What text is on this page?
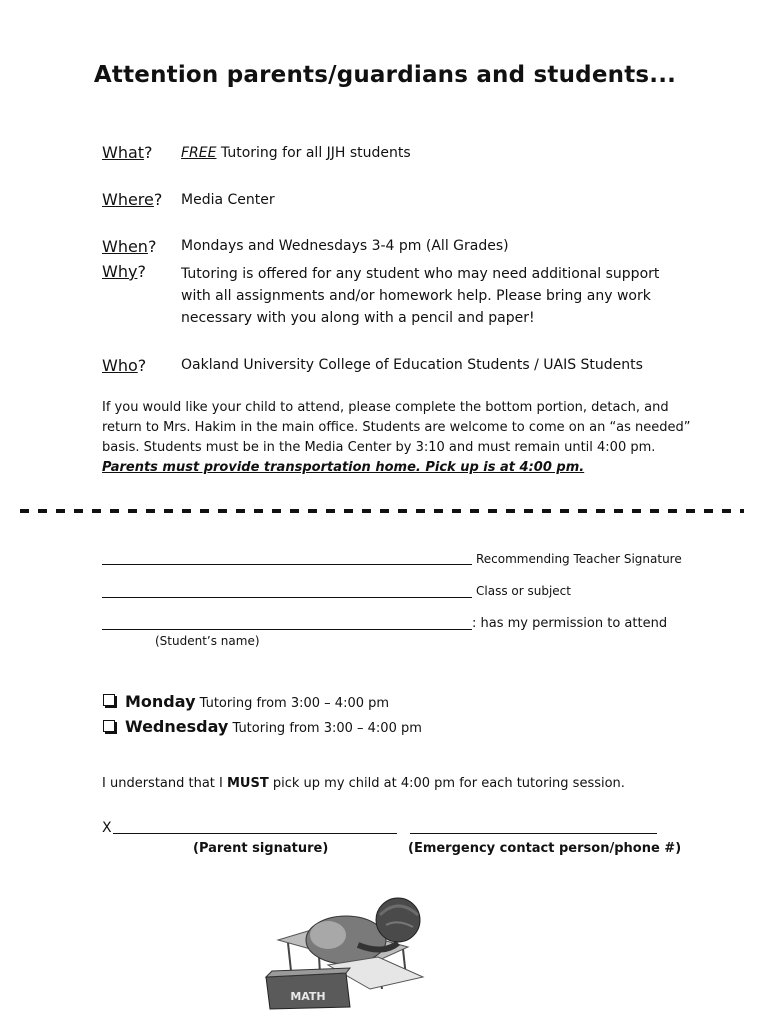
Attention parents/guardians and students...
What? FREE Tutoring for all JJH students
Where? Media Center
When? Mondays and Wednesdays 3-4 pm (All Grades)
Why?	Tutoring is offered for any student who may need additional support
with all assignments and/or homework help. Please bring any work
necessary with you along with a pencil and paper!
Who? Oakland University College of Education Students / UAIS Students
If you would like your child to attend, please complete the bottom portion, detach, and return to Mrs. Hakim in the main office. Students are welcome to come on an “as needed” basis. Students must be in the Media Center by 3:10 and must remain until 4:00 pm. Parents must provide transportation home. Pick up is at 4:00 pm.
Recommending Teacher Signature
Class or subject
: has my permission to attend
(Student’s name)
Monday Tutoring from 3:00 – 4:00 pm
Wednesday Tutoring from 3:00 – 4:00 pm
I understand that I MUST pick up my child at 4:00 pm for each tutoring session.
X
(Parent signature)	(Emergency contact person/phone #)
MATH
